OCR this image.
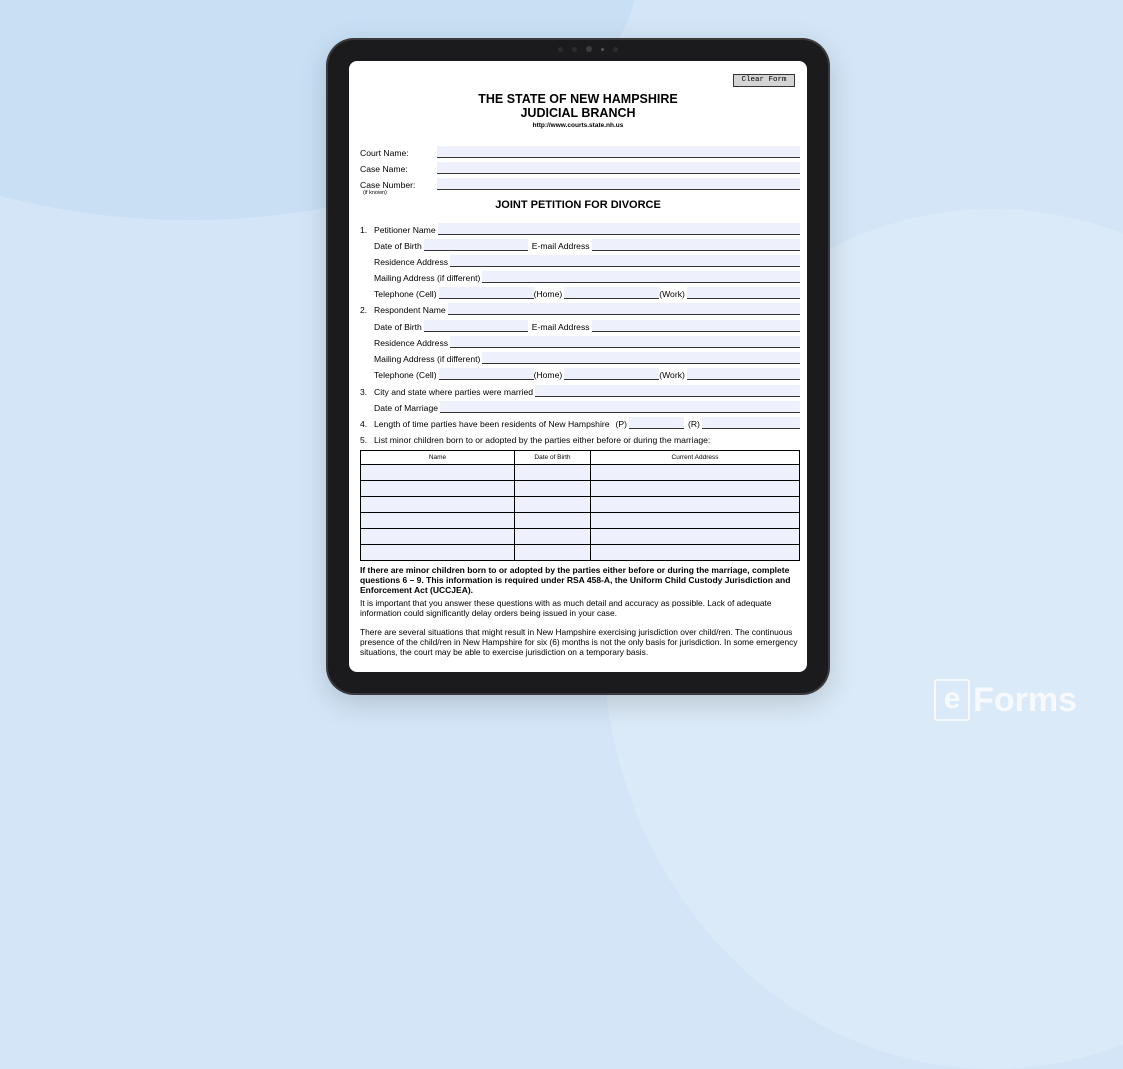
Clear Form
THE STATE OF NEW HAMPSHIRE
JUDICIAL BRANCH
http://www.courts.state.nh.us
Court Name:
Case Name:
Case Number:
(if known)
JOINT PETITION FOR DIVORCE
1. Petitioner Name
Date of Birth	E-mail Address
Residence Address
Mailing Address (if different)
Telephone (Cell)	(Home)	(Work)
2. Respondent Name
Date of Birth	E-mail Address
Residence Address
Mailing Address (if different)
Telephone (Cell)	(Home)	(Work)
3. City and state where parties were married
Date of Marriage
4. Length of time parties have been residents of New Hampshire (P)	(R)
5. List minor children born to or adopted by the parties either before or during the marriage:
Name	Date of Birth	Current Address

If there are minor children born to or adopted by the parties either before or during the marriage, complete questions 6 – 9. This information is required under RSA 458-A, the Uniform Child Custody Jurisdiction and Enforcement Act (UCCJEA).
It is important that you answer these questions with as much detail and accuracy as possible. Lack of adequate information could significantly delay orders being issued in your case.
There are several situations that might result in New Hampshire exercising jurisdiction over child/ren. The continuous presence of the child/ren in New Hampshire for six (6) months is not the only basis for jurisdiction. In some emergency situations, the court may be able to exercise jurisdiction on a temporary basis.
e Forms
